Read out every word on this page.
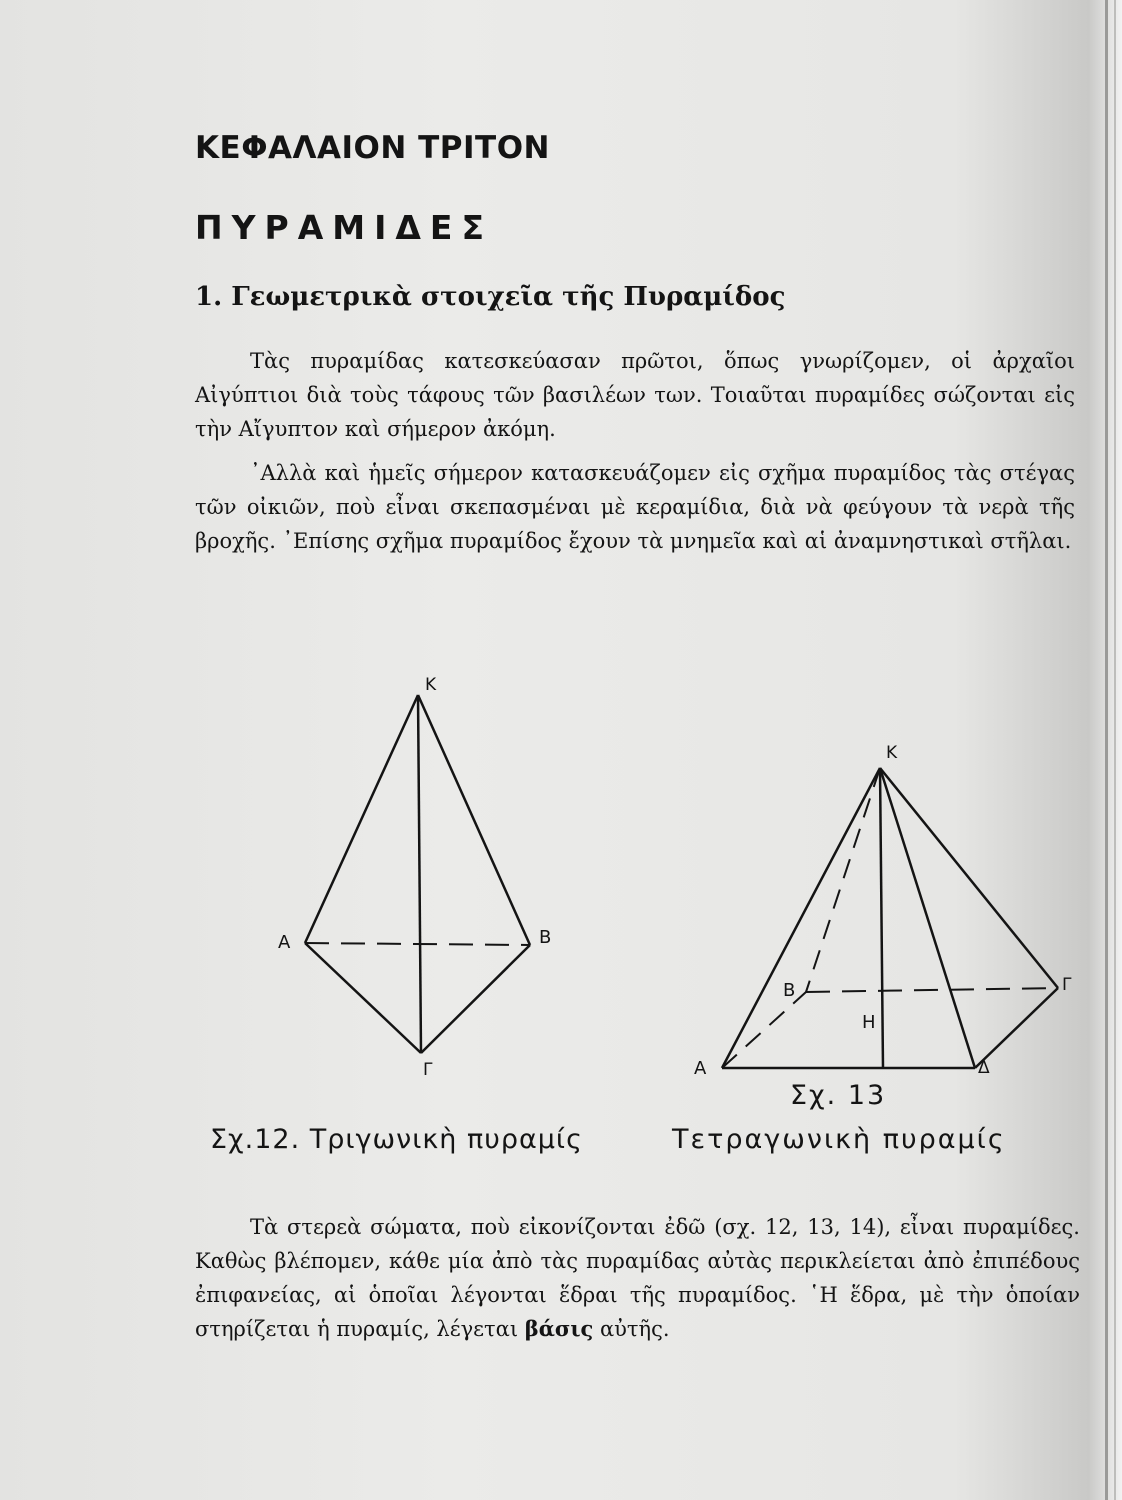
ΚΕΦΑΛΑΙΟΝ ΤΡΙΤΟΝ
ΠΥΡΑΜΙΔΕΣ
1. Γεωμετρικὰ στοιχεῖα τῆς Πυραμίδος

Τὰς πυραμίδας κατεσκεύασαν πρῶτοι, ὅπως γνωρίζομεν, οἱ ἀρχαῖοι Αἰγύπτιοι διὰ τοὺς τάφους τῶν βασιλέων των. Τοιαῦται πυραμίδες σώζονται εἰς τὴν Αἴγυπτον καὶ σήμερον ἀκόμη.

᾿Αλλὰ καὶ ἡμεῖς σήμερον κατασκευάζομεν εἰς σχῆμα πυραμίδος τὰς στέγας τῶν οἰκιῶν, ποὺ εἶναι σκεπασμέναι μὲ κεραμίδια, διὰ νὰ φεύγουν τὰ νερὰ τῆς βροχῆς. ᾿Επίσης σχῆμα πυραμίδος ἔχουν τὰ μνημεῖα καὶ αἱ ἀναμνηστικαὶ στῆλαι.

Κ
Α	Β
Γ
Κ
Β	Γ
Η
Α	Δ

Σχ. 13

Σχ.12. Τριγωνικὴ πυραμίς	Τετραγωνικὴ πυραμίς

Τὰ στερεὰ σώματα, ποὺ εἰκονίζονται ἐδῶ (σχ. 12, 13, 14), εἶναι πυραμίδες. Καθὼς βλέπομεν, κάθε μία ἀπὸ τὰς πυραμίδας αὐτὰς περικλείεται ἀπὸ ἐπιπέδους ἐπιφανείας, αἱ ὁποῖαι λέγονται ἕδραι τῆς πυραμίδος. ῾Η ἕδρα, μὲ τὴν ὁποίαν στηρίζεται ἡ πυραμίς, λέγεται βάσις αὐτῆς.
